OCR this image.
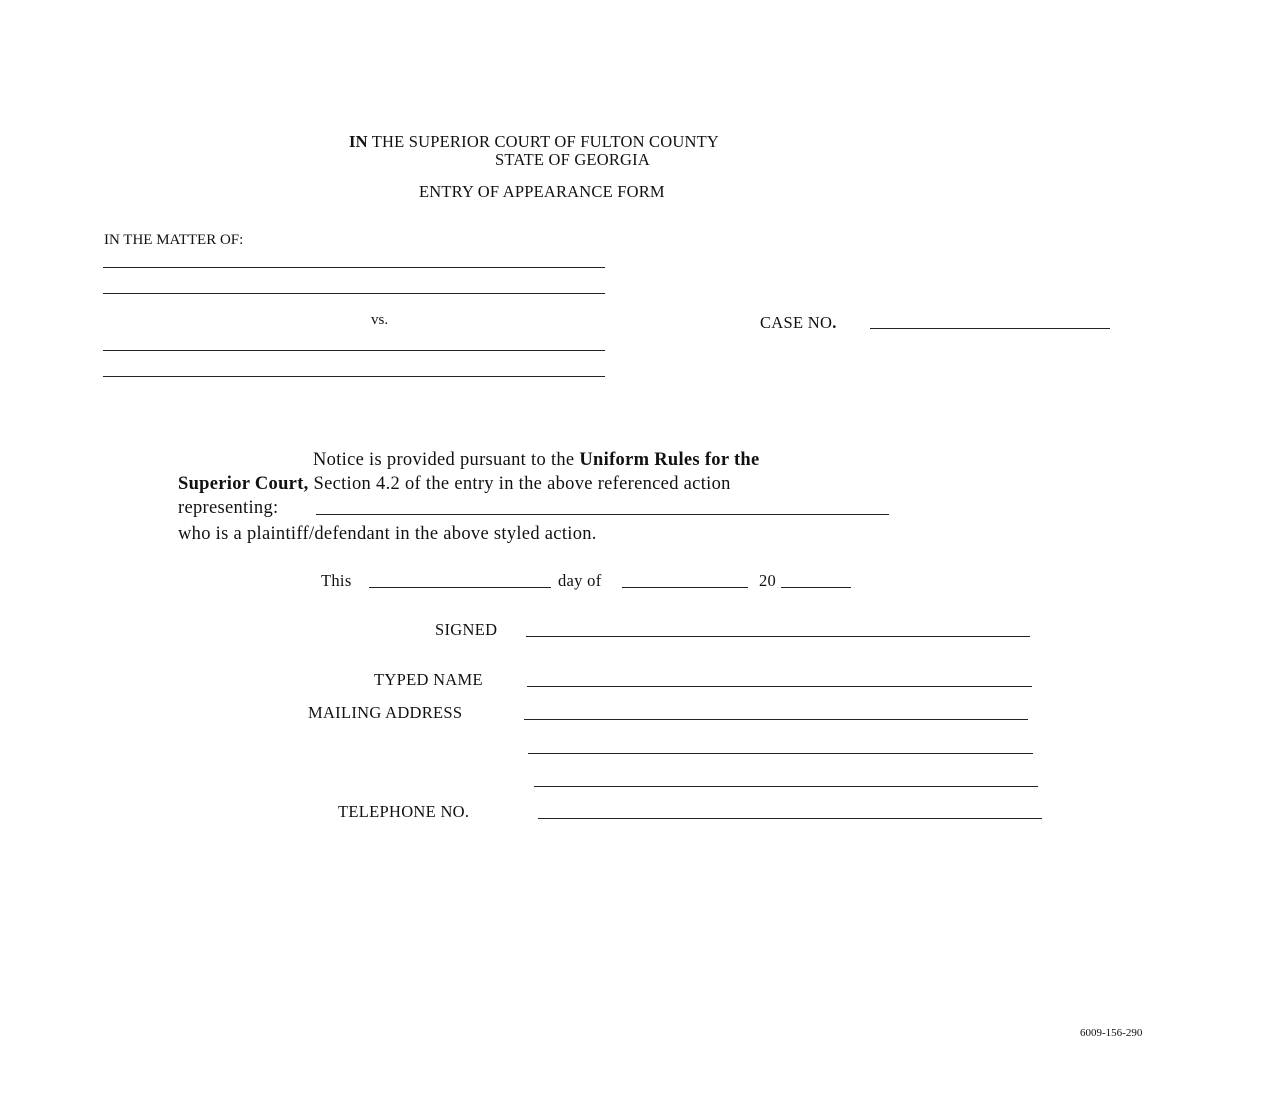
IN THE SUPERIOR COURT OF FULTON COUNTY
STATE OF GEORGIA
ENTRY OF APPEARANCE FORM
IN THE MATTER OF:
vs.	CASE NO.
Notice is provided pursuant to the Uniform Rules for the
Superior Court, Section 4.2 of the entry in the above referenced action
representing:
who is a plaintiff/defendant in the above styled action.
This	day of	20
SIGNED
TYPED NAME
MAILING ADDRESS
TELEPHONE NO.
6009-156-290
